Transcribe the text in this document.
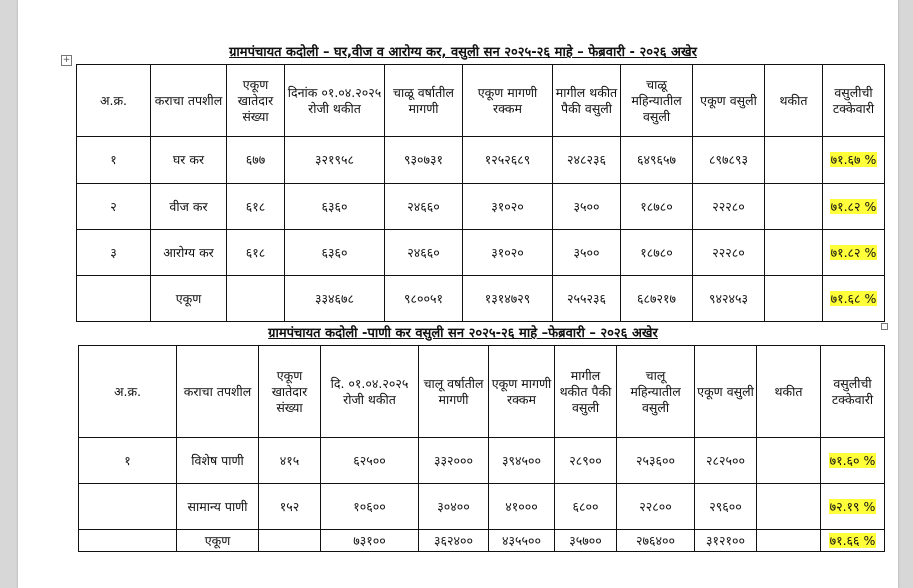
+	ग्रामपंचायत कदोली – घर,वीज व आरोग्य कर, वसुली सन २०२५-२६ माहे – फेब्रवारी - २०२६ अखेर
अ.क्र.	कराचा तपशील	एकूण खातेदार संख्या	दिनांक ०१.०४.२०२५ रोजी थकीत	चाळू वर्षातील मागणी	एकूण मागणी रक्कम	मागील थकीत पैकी वसुली	चाळू महिन्यातील वसुली	एकूण वसुली	थकीत	वसुलीची टक्केवारी
१	घर कर	६७७	३२१९५८	९३०७३१	१२५२६८९	२४८२३६	६४९६५७	८९७८९३		७१.६७ %
२	वीज कर	६१८	६३६०	२४६६०	३१०२०	३५००	१८७८०	२२२८०		७१.८२ %
३	आरोग्य कर	६१८	६३६०	२४६६०	३१०२०	३५००	१८७८०	२२२८०		७१.८२ %
	एकूण		३३४६७८	९८००५१	१३१४७२९	२५५२३६	६८७२१७	९४२४५३		७१.६८ %
ग्रामपंचायत कदोली -पाणी कर वसुली सन २०२५-२६ माहे –फेब्रवारी – २०२६ अखेर
अ.क्र.	कराचा तपशील	एकूण खातेदार संख्या	दि. ०१.०४.२०२५ रोजी थकीत	चालू वर्षातील मागणी	एकूण मागणी रक्कम	मागील थकीत पैकी वसुली	चालू महिन्यातील वसुली	एकूण वसुली	थकीत	वसुलीची टक्केवारी
१	विशेष पाणी	४१५	६२५००	३३२०००	३९४५००	२८९००	२५३६००	२८२५००		७१.६० %
	सामान्य पाणी	१५२	१०६००	३०४००	४१०००	६८००	२२८००	२९६००		७२.१९ %
	एकूण		७३१००	३६२४००	४३५५००	३५७००	२७६४००	३१२१००		७१.६६ %
